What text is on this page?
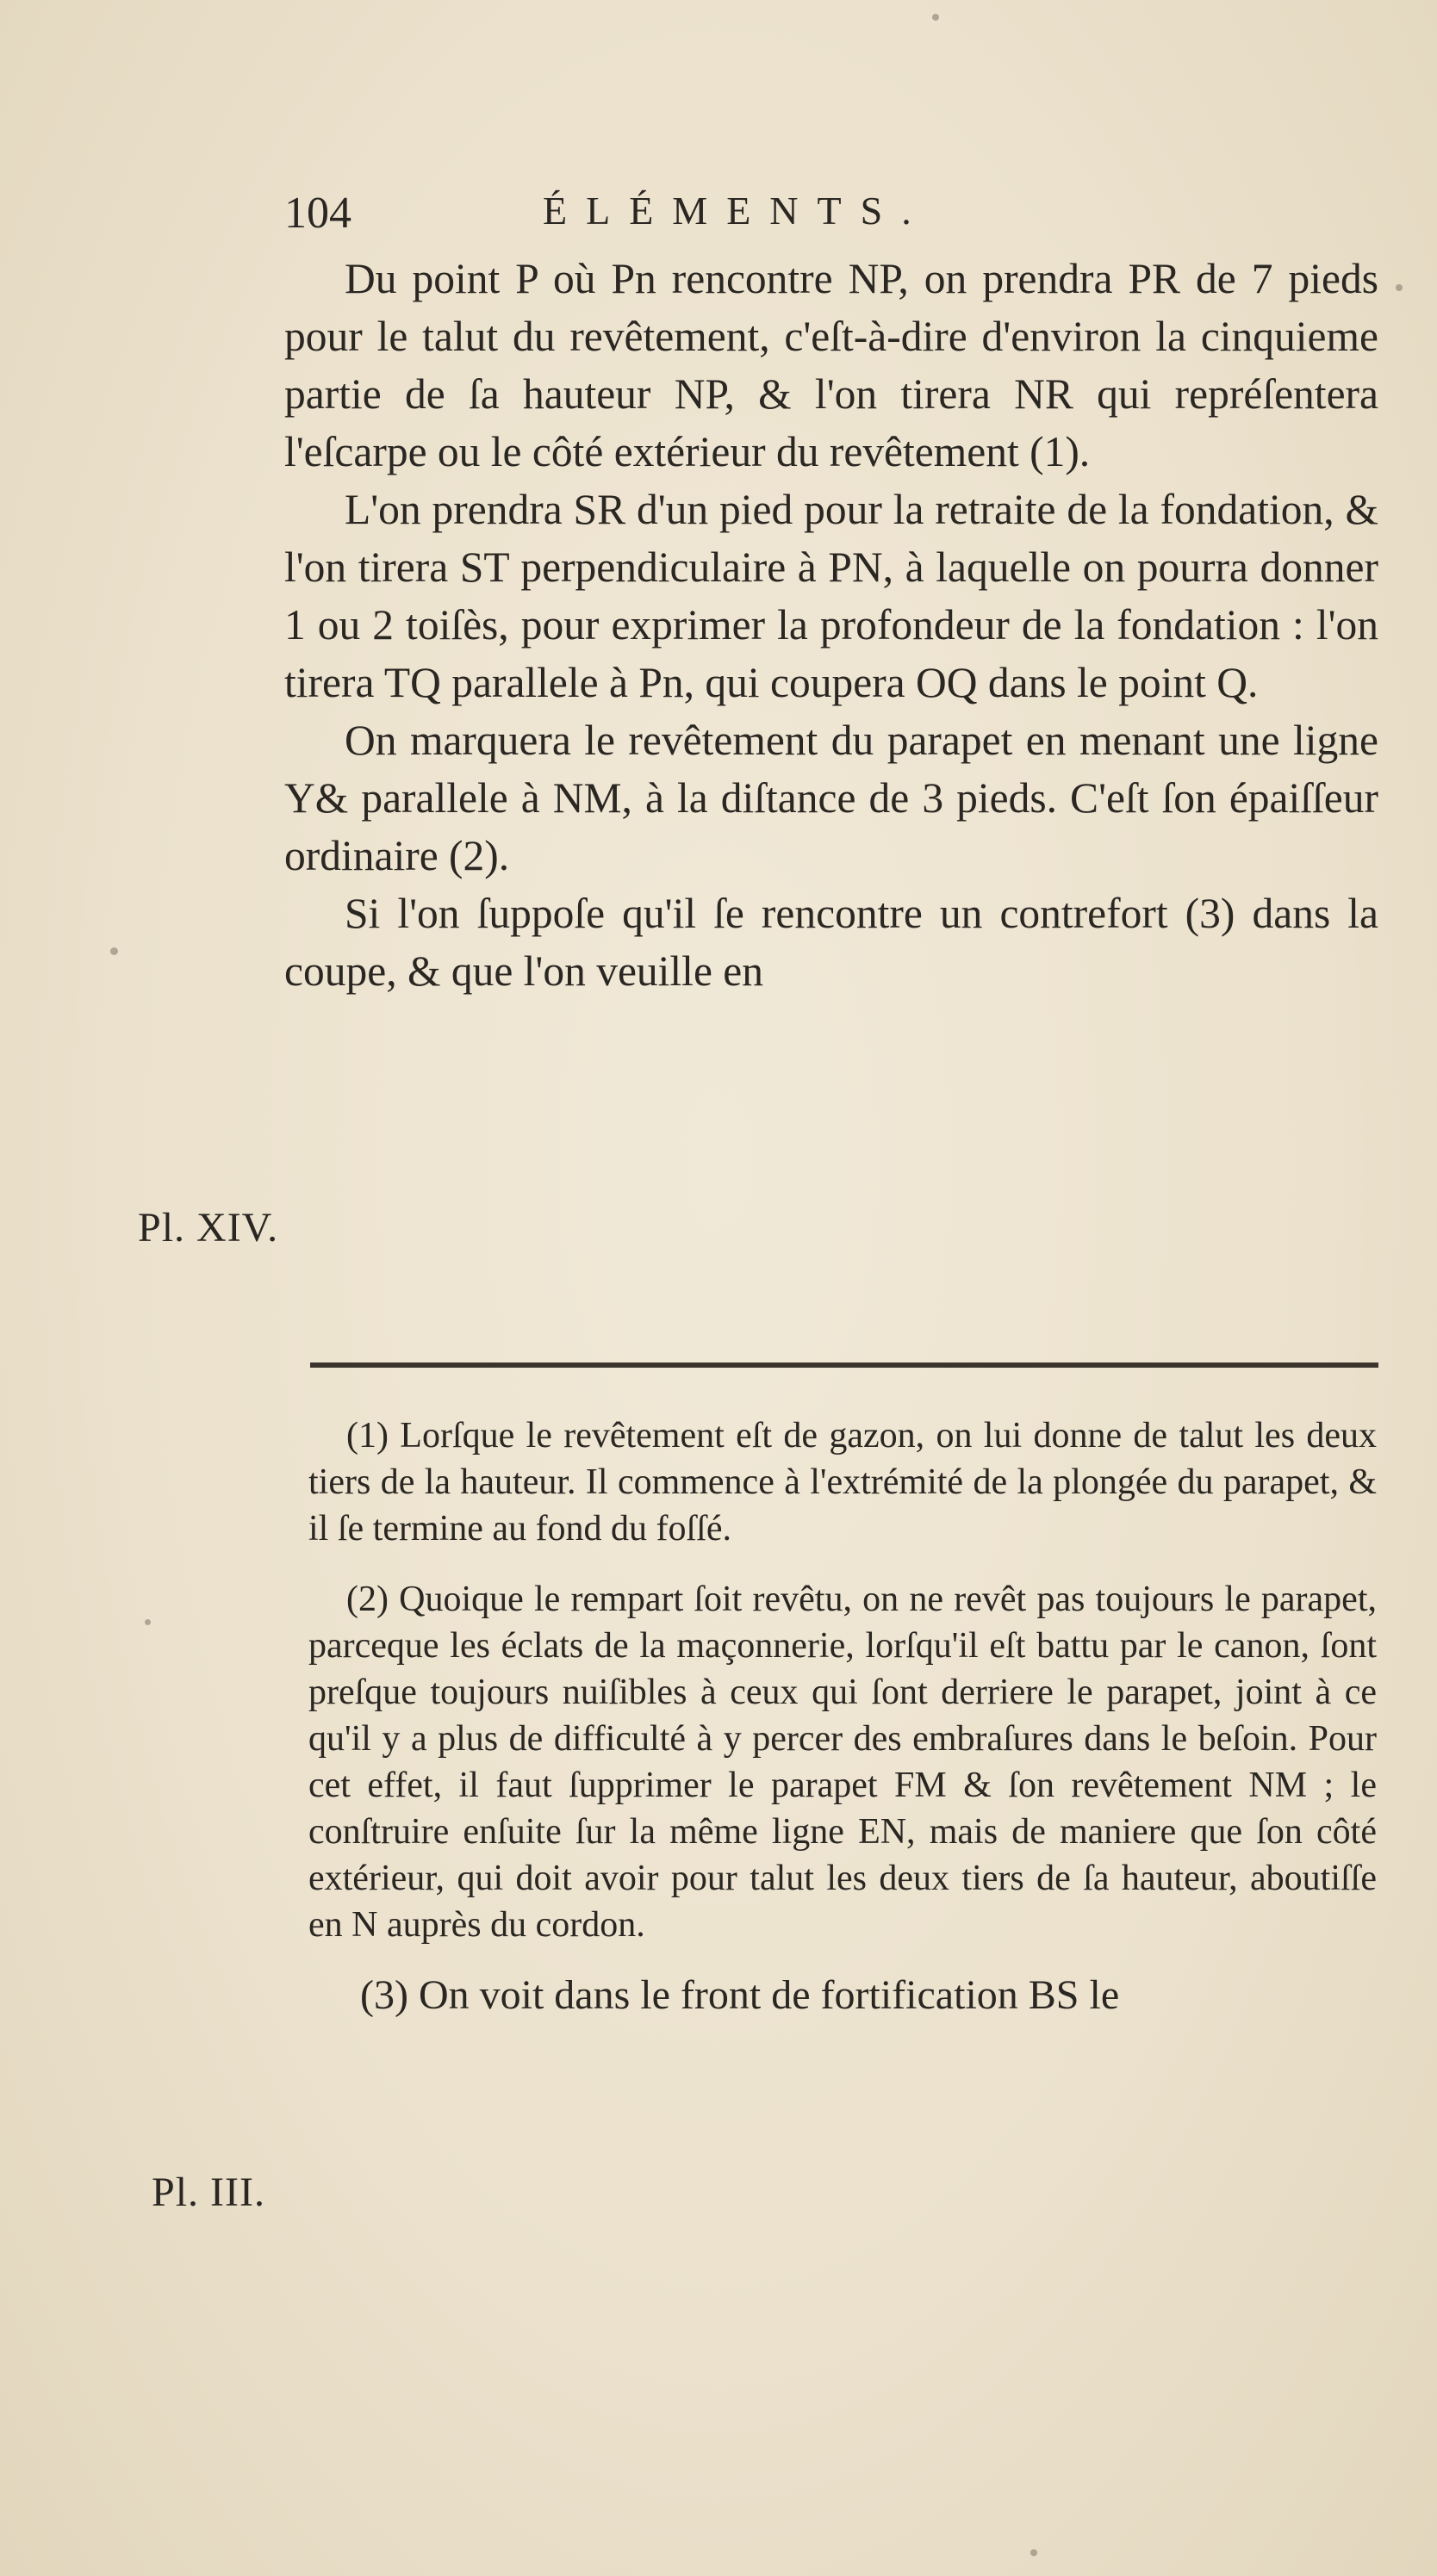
104	ÉLÉMENTS.

Du point P où Pn rencontre NP, on prendra PR de 7 pieds pour le talut du revêtement, c'eſt-à-dire d'environ la cinquieme partie de ſa hauteur NP, & l'on tirera NR qui repréſentera l'eſcarpe ou le côté extérieur du revêtement (1).

L'on prendra SR d'un pied pour la retraite de la fondation, & l'on tirera ST perpendiculaire à PN, à laquelle on pourra donner 1 ou 2 toiſès, pour exprimer la profondeur de la fondation : l'on tirera TQ parallele à Pn, qui coupera OQ dans le point Q.

On marquera le revêtement du parapet en menant une ligne Y& parallele à NM, à la diſtance de 3 pieds. C'eſt ſon épaiſſeur ordinaire (2).

Si l'on ſuppoſe qu'il ſe rencontre un contrefort (3) dans la coupe, & que l'on veuille en

Pl. XIV.

(1) Lorſque le revêtement eſt de gazon, on lui donne de talut les deux tiers de la hauteur. Il commence à l'extrémité de la plongée du parapet, & il ſe termine au fond du foſſé.

(2) Quoique le rempart ſoit revêtu, on ne revêt pas toujours le parapet, parceque les éclats de la maçonnerie, lorſqu'il eſt battu par le canon, ſont preſque toujours nuiſibles à ceux qui ſont derriere le parapet, joint à ce qu'il y a plus de difficulté à y percer des embraſures dans le beſoin. Pour cet effet, il faut ſupprimer le parapet FM & ſon revêtement NM ; le conſtruire enſuite ſur la même ligne EN, mais de maniere que ſon côté extérieur, qui doit avoir pour talut les deux tiers de ſa hauteur, aboutiſſe en N auprès du cordon.

(3) On voit dans le front de fortification BS le

Pl. III.
